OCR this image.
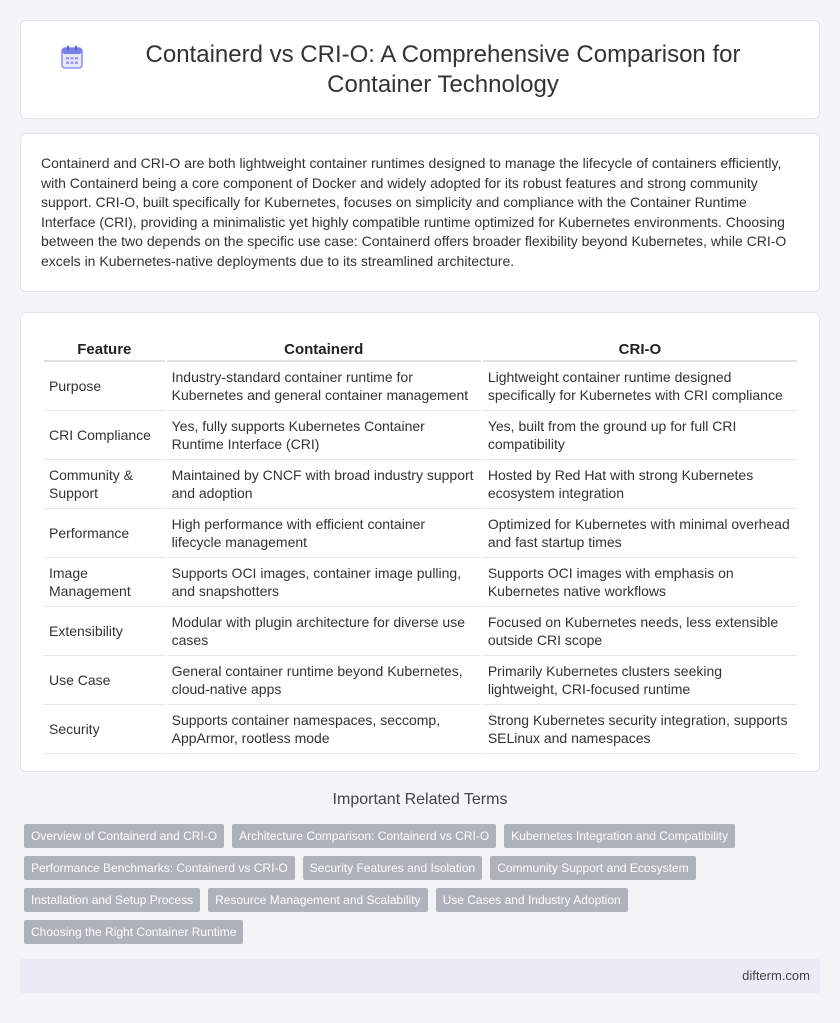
Containerd vs CRI-O: A Comprehensive Comparison for Container Technology

Containerd and CRI-O are both lightweight container runtimes designed to manage the lifecycle of containers efficiently, with Containerd being a core component of Docker and widely adopted for its robust features and strong community support. CRI-O, built specifically for Kubernetes, focuses on simplicity and compliance with the Container Runtime Interface (CRI), providing a minimalistic yet highly compatible runtime optimized for Kubernetes environments. Choosing between the two depends on the specific use case: Containerd offers broader flexibility beyond Kubernetes, while CRI-O excels in Kubernetes-native deployments due to its streamlined architecture.

Feature	Containerd	CRI-O
Purpose	Industry-standard container runtime for Kubernetes and general container management	Lightweight container runtime designed specifically for Kubernetes with CRI compliance
CRI Compliance	Yes, fully supports Kubernetes Container Runtime Interface (CRI)	Yes, built from the ground up for full CRI compatibility
Community & Support	Maintained by CNCF with broad industry support and adoption	Hosted by Red Hat with strong Kubernetes ecosystem integration
Performance	High performance with efficient container lifecycle management	Optimized for Kubernetes with minimal overhead and fast startup times
Image Management	Supports OCI images, container image pulling, and snapshotters	Supports OCI images with emphasis on Kubernetes native workflows
Extensibility	Modular with plugin architecture for diverse use cases	Focused on Kubernetes needs, less extensible outside CRI scope
Use Case	General container runtime beyond Kubernetes, cloud-native apps	Primarily Kubernetes clusters seeking lightweight, CRI-focused runtime
Security	Supports container namespaces, seccomp, AppArmor, rootless mode	Strong Kubernetes security integration, supports SELinux and namespaces
Important Related Terms
Overview of Containerd and CRI-O	Architecture Comparison: Containerd vs CRI-O	Kubernetes Integration and Compatibility
Performance Benchmarks: Containerd vs CRI-O	Security Features and Isolation	Community Support and Ecosystem
Installation and Setup Process	Resource Management and Scalability	Use Cases and Industry Adoption
Choosing the Right Container Runtime
difterm.com
